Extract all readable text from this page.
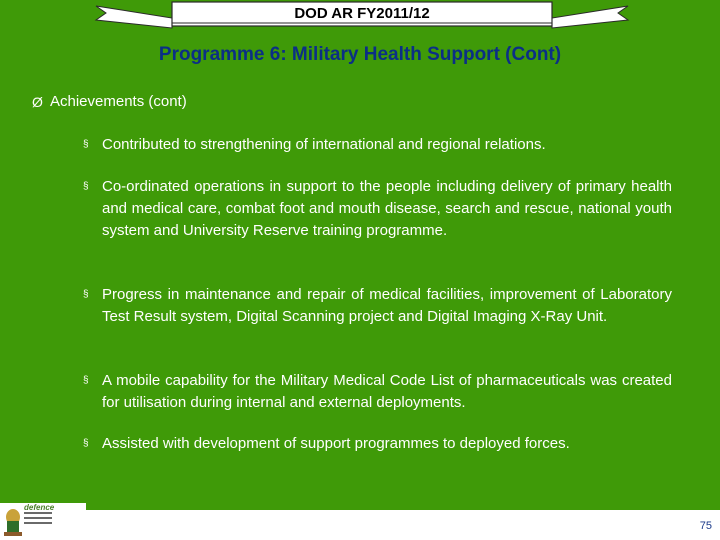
DOD AR FY2011/12
Programme 6: Military Health Support (Cont)
Ø Achievements (cont)
§ Contributed to strengthening of international and regional relations.
§ Co-ordinated operations in support to the people including delivery of primary health and medical care, combat foot and mouth disease, search and rescue, national youth system and University Reserve training programme.
§ Progress in maintenance and repair of medical facilities, improvement of Laboratory Test Result system, Digital Scanning project and Digital Imaging X-Ray Unit.
§ A mobile capability for the Military Medical Code List of pharmaceuticals was created for utilisation during internal and external deployments.
§ Assisted with development of support programmes to deployed forces.
defence
75
